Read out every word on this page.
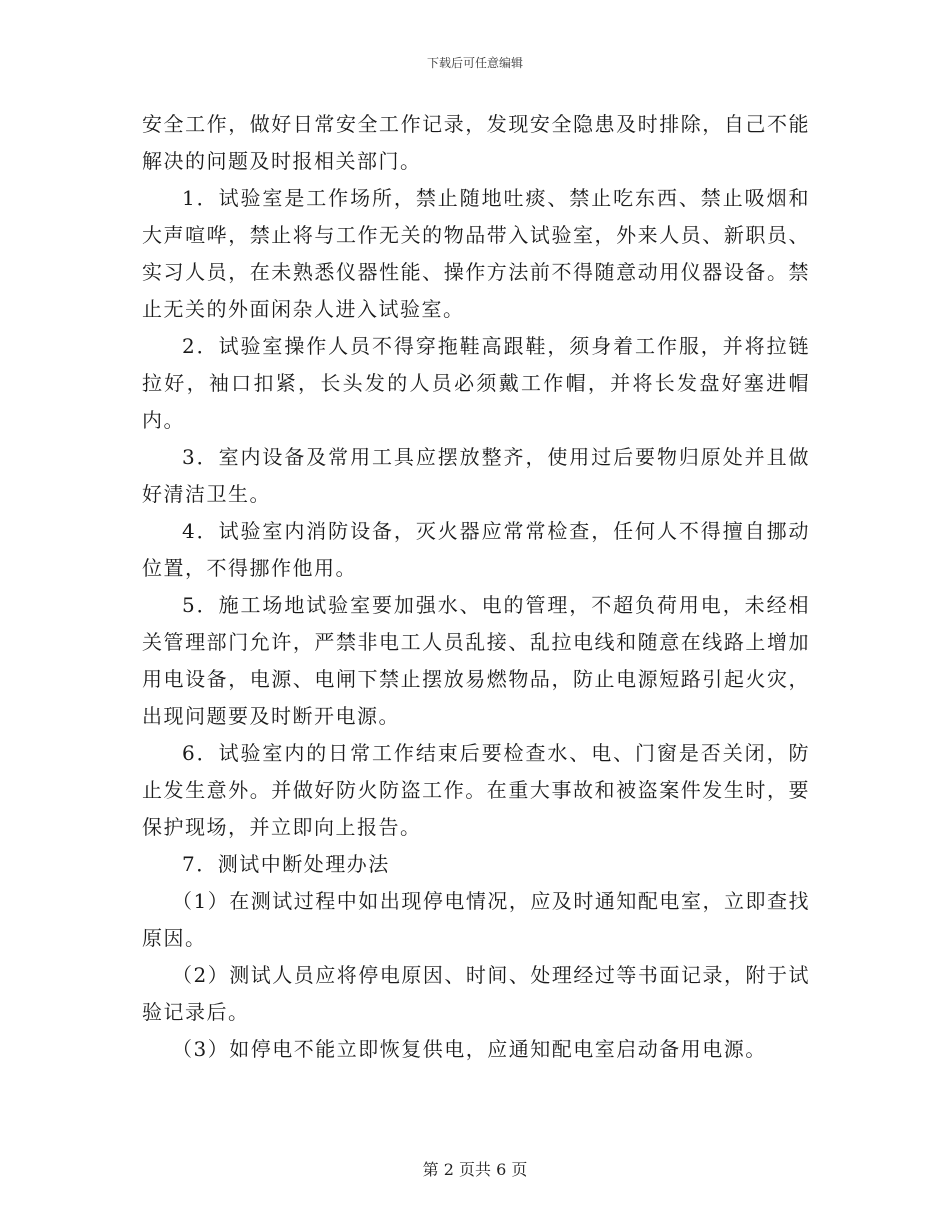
下载后可任意编辑

安全工作，做好日常安全工作记录，发现安全隐患及时排除，自己不能解决的问题及时报相关部门。

1．试验室是工作场所，禁止随地吐痰、禁止吃东西、禁止吸烟和大声喧哗，禁止将与工作无关的物品带入试验室，外来人员、新职员、实习人员，在未熟悉仪器性能、操作方法前不得随意动用仪器设备。禁止无关的外面闲杂人进入试验室。

2．试验室操作人员不得穿拖鞋高跟鞋，须身着工作服，并将拉链拉好，袖口扣紧，长头发的人员必须戴工作帽，并将长发盘好塞进帽内。

3．室内设备及常用工具应摆放整齐，使用过后要物归原处并且做好清洁卫生。

4．试验室内消防设备，灭火器应常常检查，任何人不得擅自挪动位置，不得挪作他用。

5．施工场地试验室要加强水、电的管理，不超负荷用电，未经相关管理部门允许，严禁非电工人员乱接、乱拉电线和随意在线路上增加用电设备，电源、电闸下禁止摆放易燃物品，防止电源短路引起火灾，出现问题要及时断开电源。

6．试验室内的日常工作结束后要检查水、电、门窗是否关闭，防止发生意外。并做好防火防盗工作。在重大事故和被盗案件发生时，要保护现场，并立即向上报告。

7．测试中断处理办法

（1）在测试过程中如出现停电情况，应及时通知配电室，立即查找原因。

（2）测试人员应将停电原因、时间、处理经过等书面记录，附于试验记录后。

（3）如停电不能立即恢复供电，应通知配电室启动备用电源。

第 2 页共 6 页
